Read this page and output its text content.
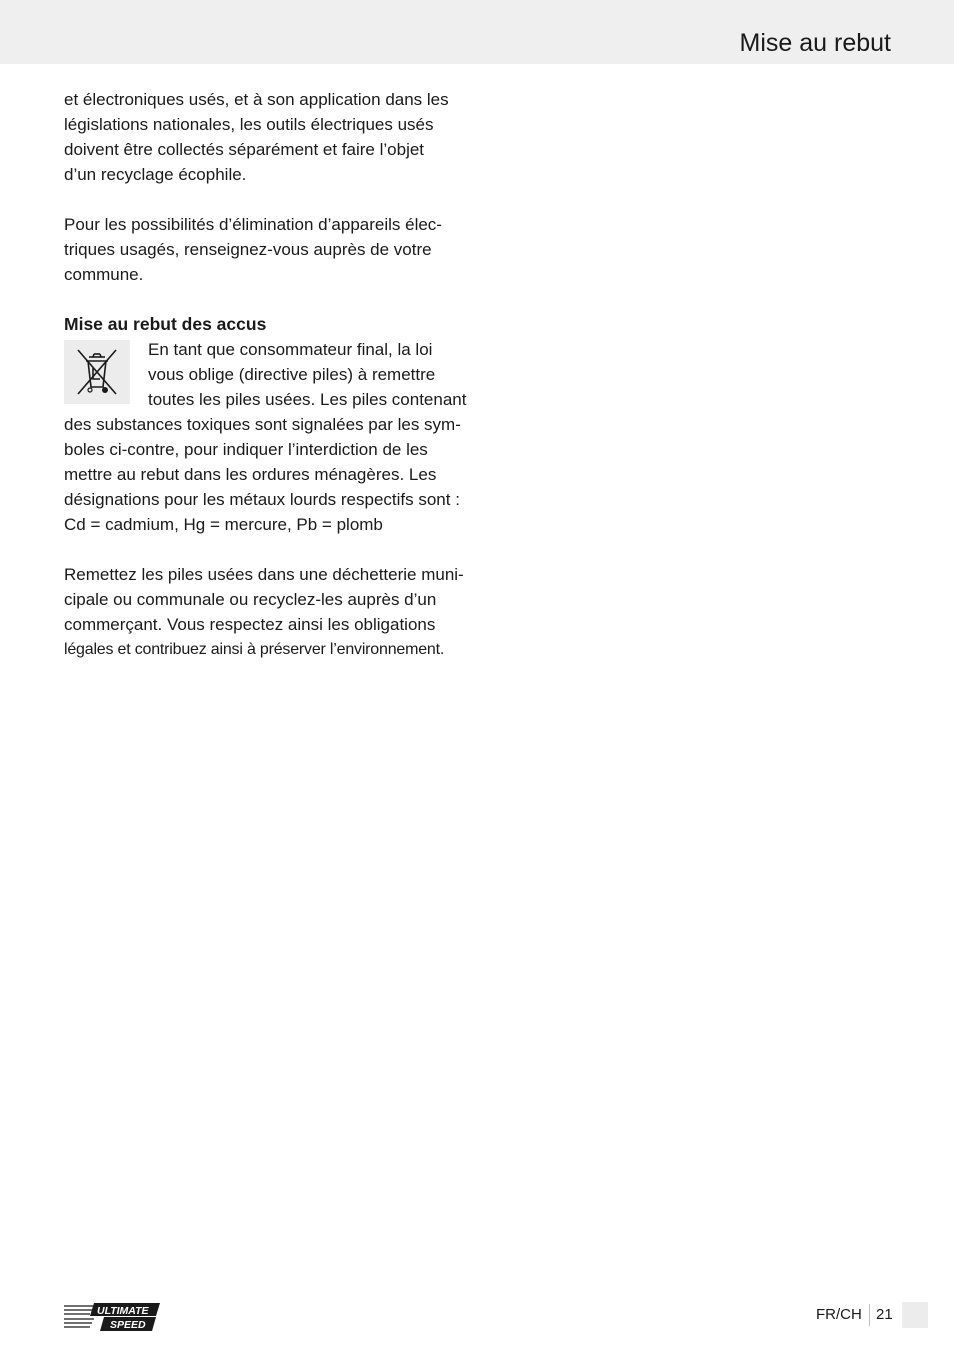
Mise au rebut

et électroniques usés, et à son application dans les
législations nationales, les outils électriques usés
doivent être collectés séparément et faire l’objet
d’un recyclage écophile.

Pour les possibilités d’élimination d’appareils élec-
triques usagés, renseignez-vous auprès de votre
commune.

Mise au rebut des accus
En tant que consommateur final, la loi
vous oblige (directive piles) à remettre
toutes les piles usées. Les piles contenant
des substances toxiques sont signalées par les sym-
boles ci-contre, pour indiquer l’interdiction de les
mettre au rebut dans les ordures ménagères. Les
désignations pour les métaux lourds respectifs sont :
Cd = cadmium, Hg = mercure, Pb = plomb

Remettez les piles usées dans une déchetterie muni-
cipale ou communale ou recyclez-les auprès d’un
commerçant. Vous respectez ainsi les obligations
légales et contribuez ainsi à préserver l’environnement.

ULTIMATE
SPEED
FR/CH 21
